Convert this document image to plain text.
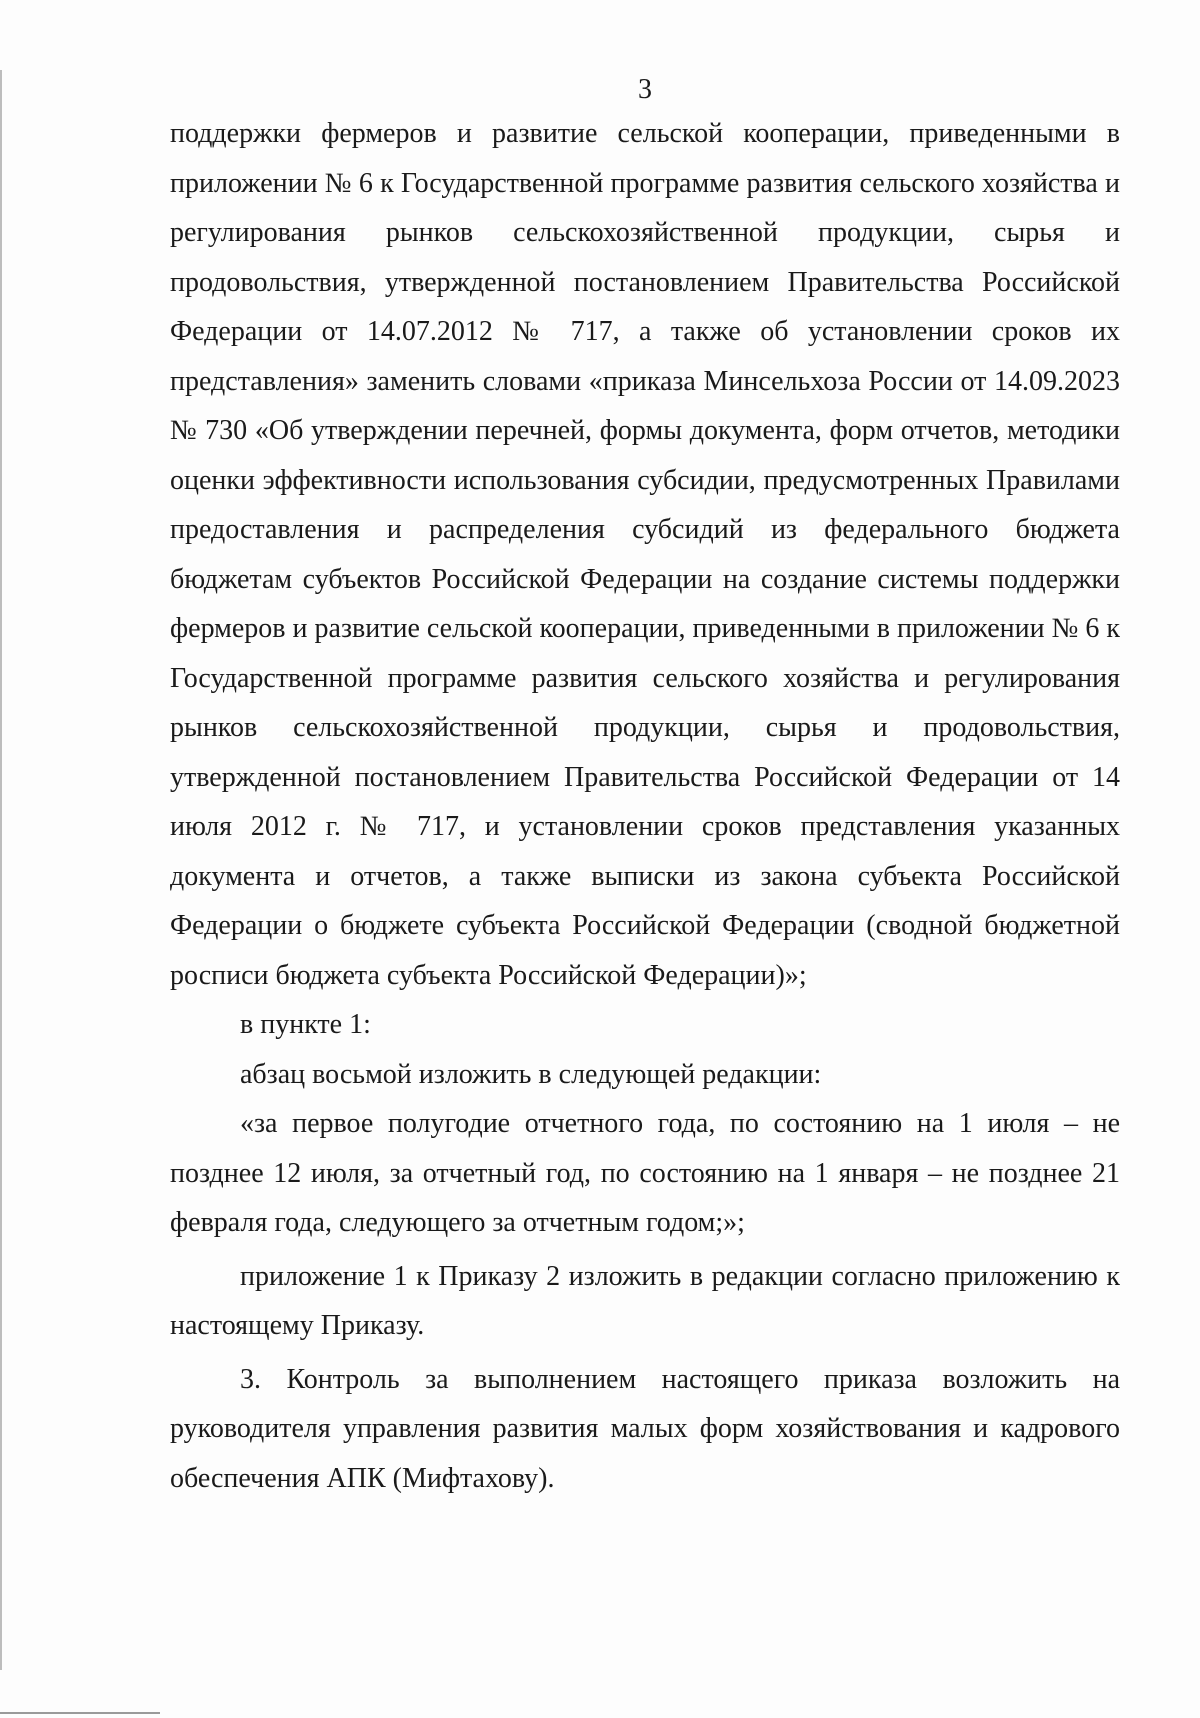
3

поддержки фермеров и развитие сельской кооперации, приведенными в приложении № 6 к Государственной программе развития сельского хозяйства и регулирования рынков сельскохозяйственной продукции, сырья и продовольствия, утвержденной постановлением Правительства Российской Федерации от 14.07.2012 № 717, а также об установлении сроков их представления» заменить словами «приказа Минсельхоза России от 14.09.2023 № 730 «Об утверждении перечней, формы документа, форм отчетов, методики оценки эффективности использования субсидии, предусмотренных Правилами предоставления и распределения субсидий из федерального бюджета бюджетам субъектов Российской Федерации на создание системы поддержки фермеров и развитие сельской кооперации, приведенными в приложении № 6 к Государственной программе развития сельского хозяйства и регулирования рынков сельскохозяйственной продукции, сырья и продовольствия, утвержденной постановлением Правительства Российской Федерации от 14 июля 2012 г. № 717, и установлении сроков представления указанных документа и отчетов, а также выписки из закона субъекта Российской Федерации о бюджете субъекта Российской Федерации (сводной бюджетной росписи бюджета субъекта Российской Федерации)»;

в пункте 1:

абзац восьмой изложить в следующей редакции:

«за первое полугодие отчетного года, по состоянию на 1 июля – не позднее 12 июля, за отчетный год, по состоянию на 1 января – не позднее 21 февраля года, следующего за отчетным годом;»;

приложение 1 к Приказу 2 изложить в редакции согласно приложению к настоящему Приказу.

3. Контроль за выполнением настоящего приказа возложить на руководителя управления развития малых форм хозяйствования и кадрового обеспечения АПК (Мифтахову).
